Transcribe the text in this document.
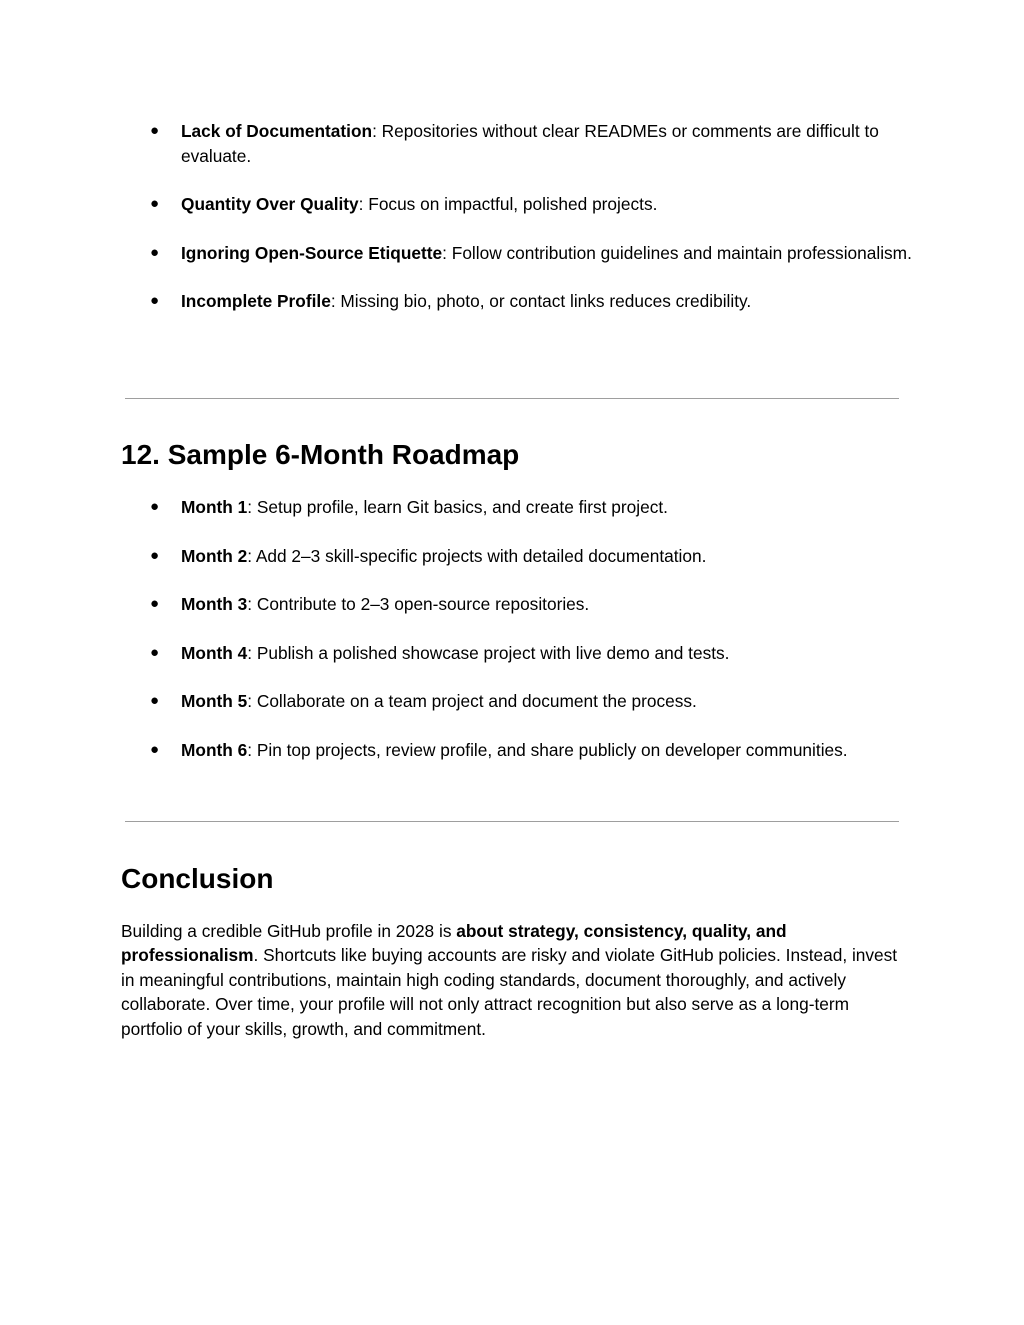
● Lack of Documentation: Repositories without clear READMEs or comments are difficult to evaluate.
● Quantity Over Quality: Focus on impactful, polished projects.
● Ignoring Open-Source Etiquette: Follow contribution guidelines and maintain professionalism.
● Incomplete Profile: Missing bio, photo, or contact links reduces credibility.
12. Sample 6-Month Roadmap
● Month 1: Setup profile, learn Git basics, and create first project.
● Month 2: Add 2–3 skill-specific projects with detailed documentation.
● Month 3: Contribute to 2–3 open-source repositories.
● Month 4: Publish a polished showcase project with live demo and tests.
● Month 5: Collaborate on a team project and document the process.
● Month 6: Pin top projects, review profile, and share publicly on developer communities.
Conclusion

Building a credible GitHub profile in 2028 is about strategy, consistency, quality, and professionalism. Shortcuts like buying accounts are risky and violate GitHub policies. Instead, invest in meaningful contributions, maintain high coding standards, document thoroughly, and actively collaborate. Over time, your profile will not only attract recognition but also serve as a long-term portfolio of your skills, growth, and commitment.
